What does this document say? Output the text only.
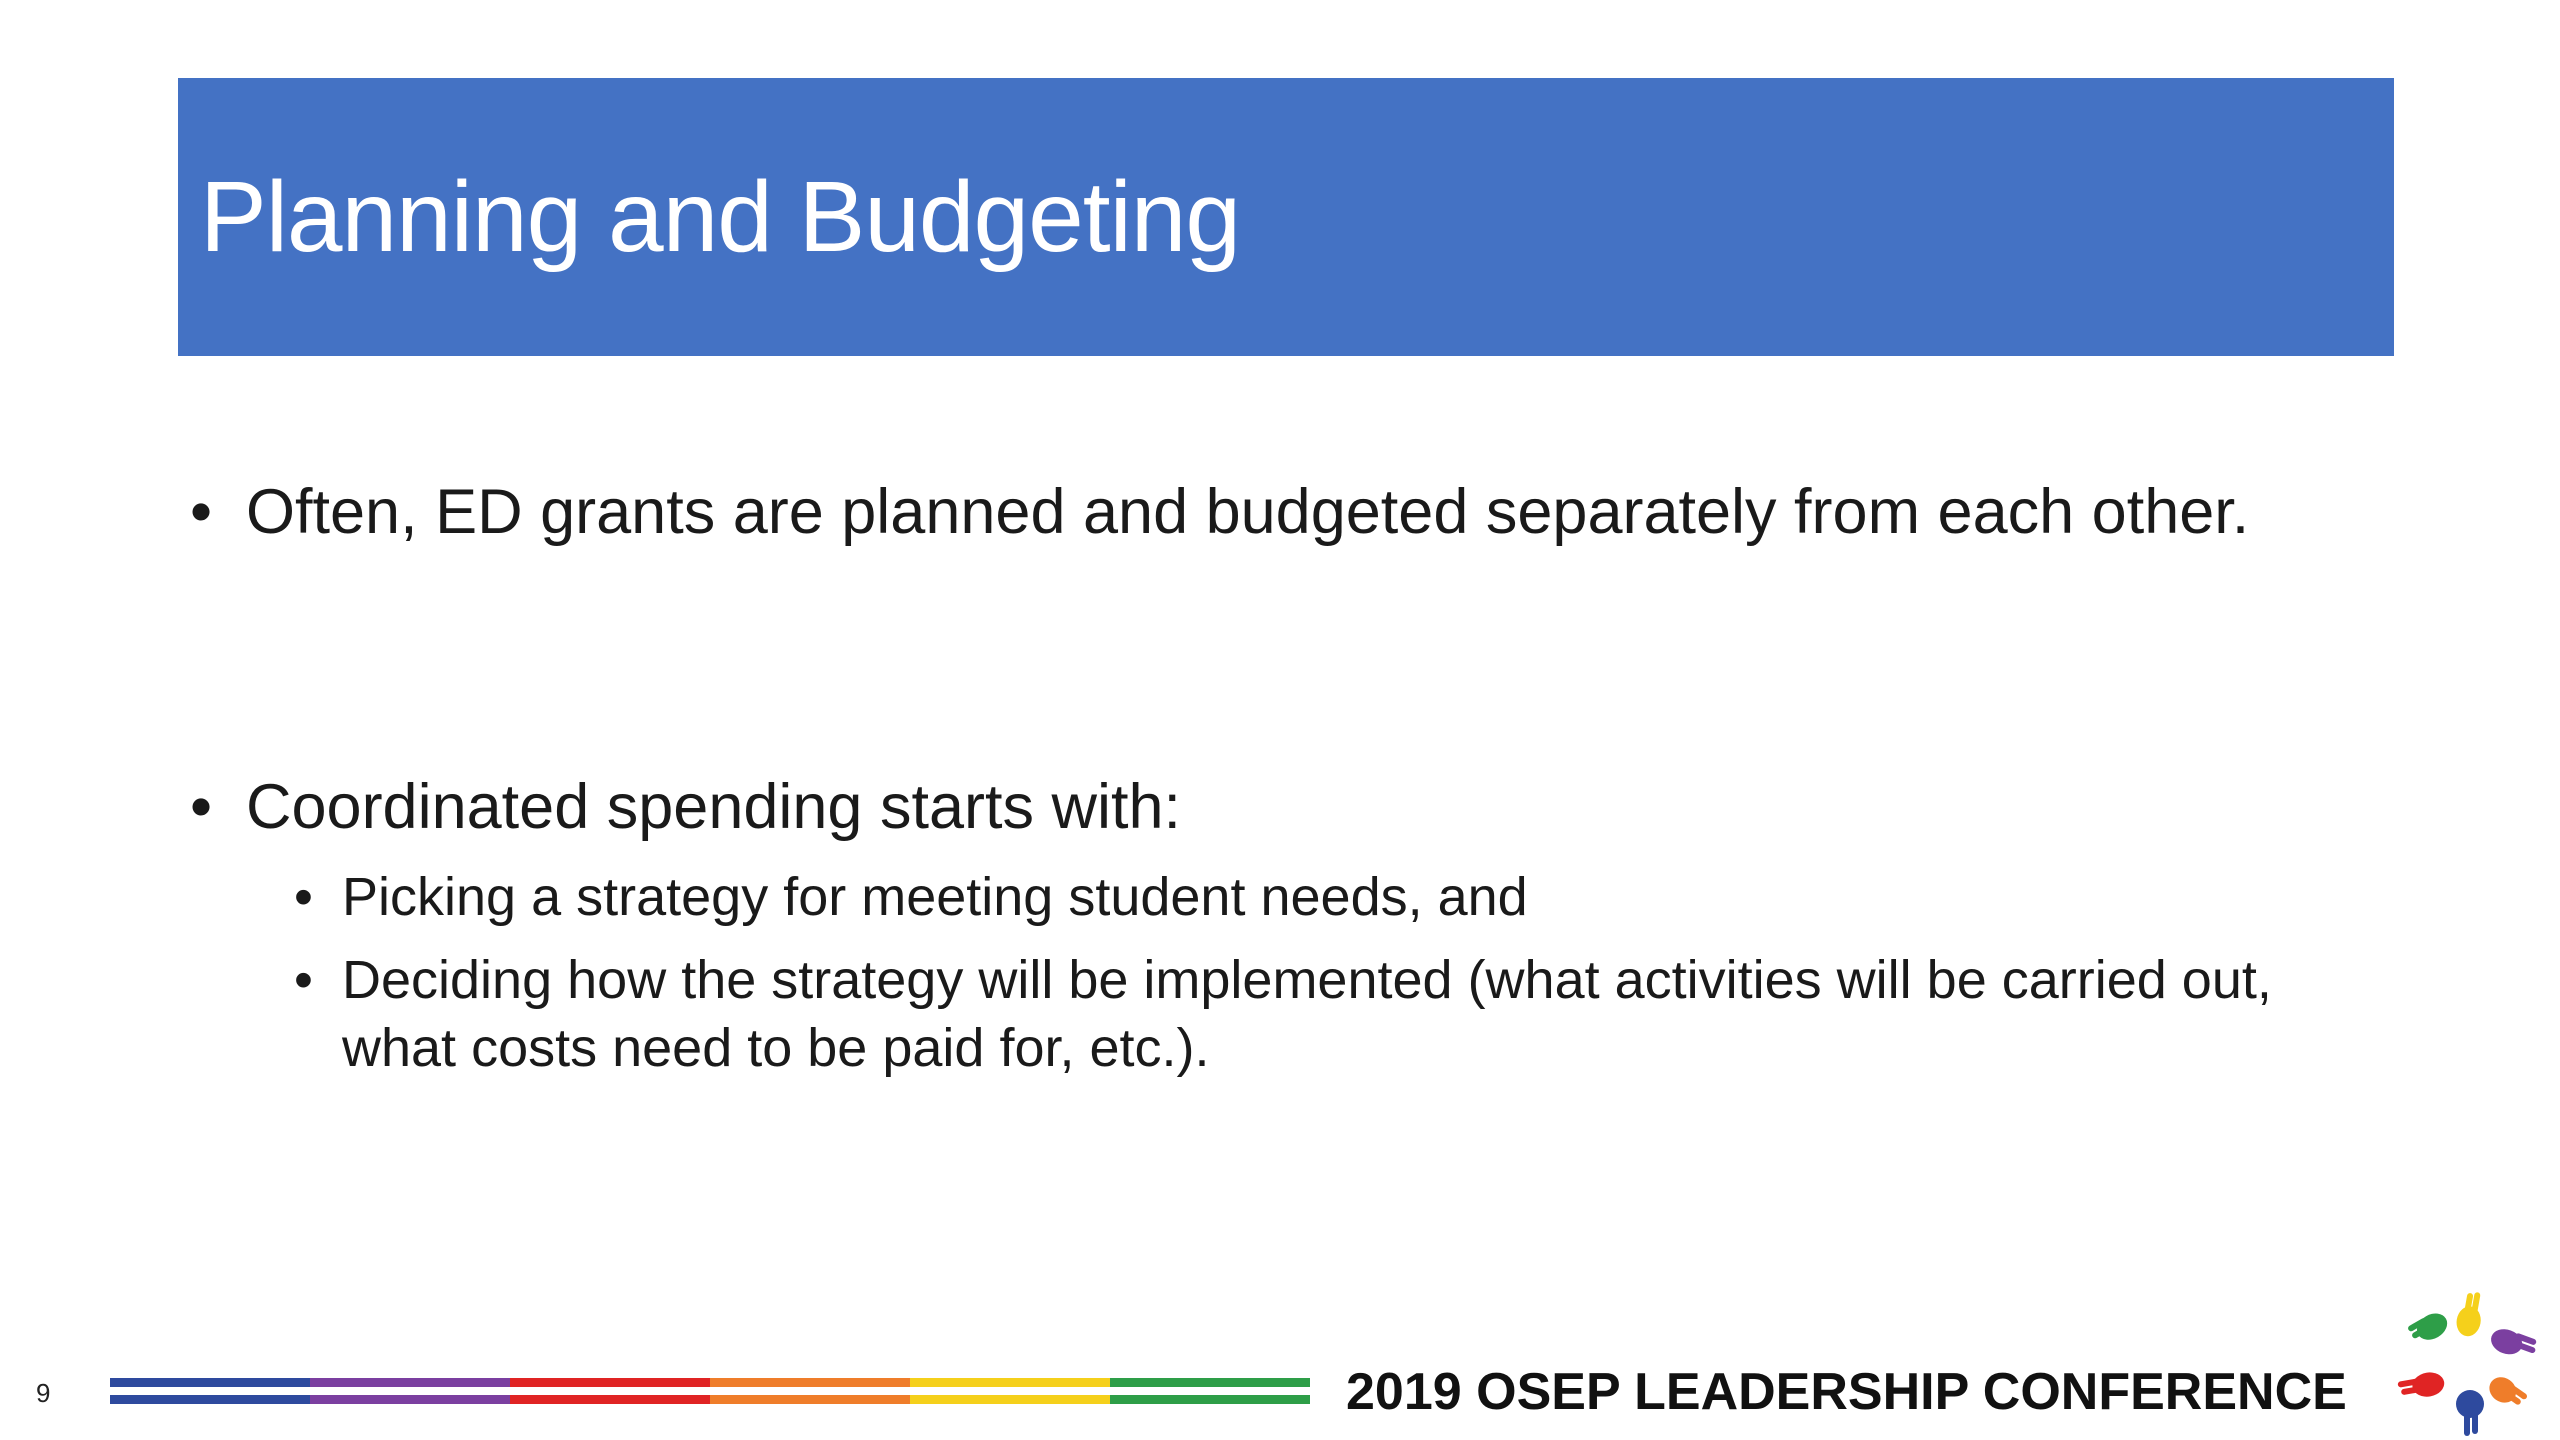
Planning and Budgeting
• Often, ED grants are planned and budgeted separately from each other.
• Coordinated spending starts with:
• Picking a strategy for meeting student needs, and
• Deciding how the strategy will be implemented (what activities will be carried out, what costs need to be paid for, etc.).
9	2019 OSEP LEADERSHIP CONFERENCE
